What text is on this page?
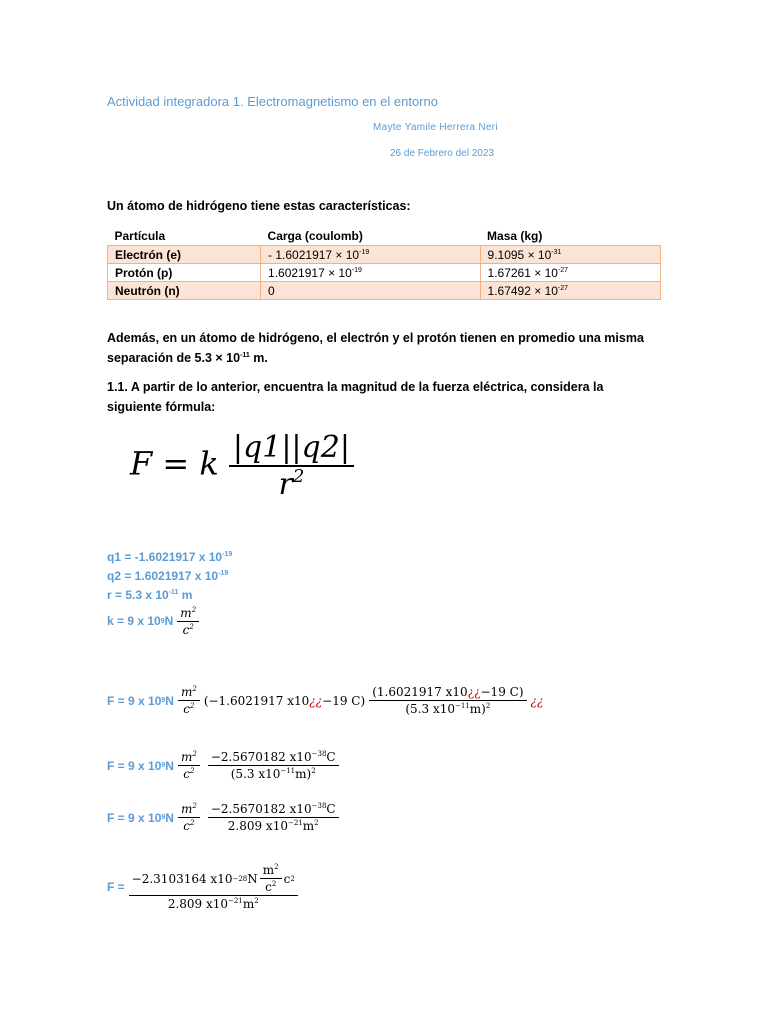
Actividad integradora 1. Electromagnetismo en el entorno
Mayte Yamile Herrera Neri
26 de Febrero del 2023
Un átomo de hidrógeno tiene estas características:
Partícula	Carga (coulomb)	Masa (kg)
Electrón (e)	- $1.6021917 \times 10^{-19}$	$9.1095 \times 10^{-31}$
Protón (p)	$1.6021917 \times 10^{-19}$	$1.67261 \times 10^{-27}$
Neutrón (n)	0	$1.67492 \times 10^{-27}$
Además, en un átomo de hidrógeno, el electrón y el protón tienen en promedio una misma separación de $5.3 \times 10^{-11}$ m.
1.1. A partir de lo anterior, encuentra la magnitud de la fuerza eléctrica, considera la siguiente fórmula:
F = k $\frac{|q1||q2|}{r^2}$
q1 = -1.6021917 x $10^{-19}$
q2 = 1.6021917 x $10^{-19}$
r = 5.3 x $10^{-11}$ m
k = 9 x 10 9 N $\frac{m^2}{c^2}$
F = 9 x 10 9 N $\frac{m^2}{c^2} (-1.6021917$ x10 ¿¿ −19 $C) \frac{(1.6021917 x10¿¿-19 C)}{(5.3 x10^{-11}m)^2}$ ¿¿
F = 9 x 10 9 N $\frac{m^2}{c^2} \frac{-2.5670182 x10^{-38}C}{(5.3 x10^{-11}m)^2}$
F = 9 x 10 9 N $\frac{m^2}{c^2} \frac{-2.5670182 x10^{-38}C}{2.809 x10^{-21}m^2}$
$F = \frac{-2.3103164 x10 -28 N \frac{m^2}{c^2} c 2}{2.809 x10^{-21}m^2}$
